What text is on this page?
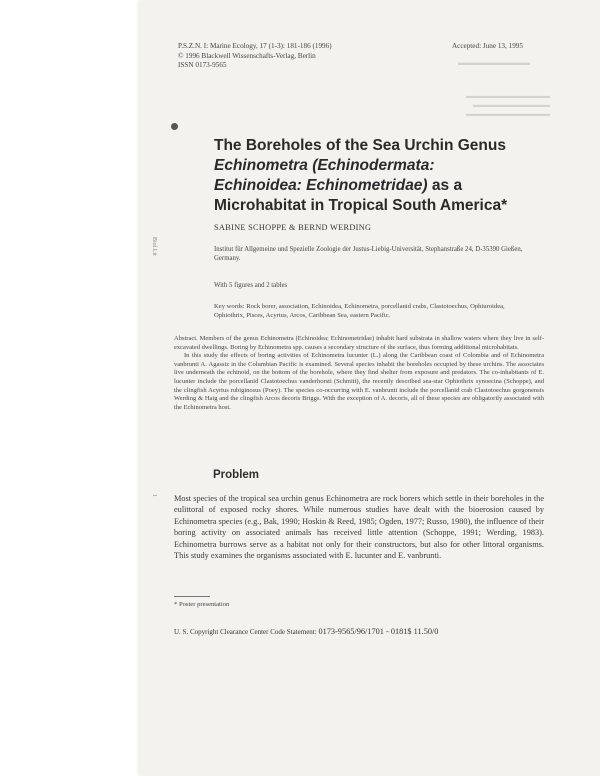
▬▬▬▬▬▬▬▬▬
▬▬▬▬▬▬▬▬▬▬▬▬
▬▬▬▬▬▬▬▬▬▬▬
▬▬▬▬▬▬▬▬▬▬▬▬
P.S.Z.N. I: Marine Ecology, 17 (1-3): 181-186 (1996)
© 1996 Blackwell Wissenschafts-Verlag, Berlin
ISSN 0173-9565
Accepted: June 13, 1995
Biol.Lit
1
The Boreholes of the Sea Urchin Genus
Echinometra (Echinodermata:
Echinoidea: Echinometridae) as a
Microhabitat in Tropical South America*
SABINE SCHOPPE & BERND WERDING
Institut für Allgemeine und Spezielle Zoologie der Justus-Liebig-Universität, Stephanstraße 24, D-35390 Gießen, Germany.
With 5 figures and 2 tables
Key words: Rock borer, association, Echinoidea, Echinometra, porcellanid crabs, Clastotoechus, Ophiuroidea, Ophiothrix, Pisces, Acyrtus, Arcos, Caribbean Sea, eastern Pacific.

Abstract. Members of the genus Echinometra (Echinoidea: Echinometridae) inhabit hard substrata in shallow waters where they live in self-excavated dwellings. Boring by Echinometra spp. causes a secondary structure of the surface, thus forming additional microhabitats.

In this study the effects of boring activities of Echinometra lucunter (L.) along the Caribbean coast of Colombia and of Echinometra vanbrunti A. Agassiz in the Columbian Pacific is examined. Several species inhabit the boreholes occupied by these urchins. The associates live underneath the echinoid, on the bottom of the borehole, where they find shelter from exposure and predators. The co-inhabitants of E. lucunter include the porcellanid Clastotoechus vanderhorsti (Schmitt), the recently described sea-star Ophiothrix synoecina (Schoppe), and the clingfish Acyrtus rubiginosus (Poey). The species co-occurring with E. vanbrunti include the porcellanid crab Clastotoechus gorgonensis Werding & Haig and the clingfish Arcos decoris Briggs. With the exception of A. decoris, all of these species are obligatorily associated with the Echinometra host.

Problem

Most species of the tropical sea urchin genus Echinometra are rock borers which settle in their boreholes in the eulittoral of exposed rocky shores. While numerous studies have dealt with the bioerosion caused by Echinometra species (e.g., Bak, 1990; Hoskin & Reed, 1985; Ogden, 1977; Russo, 1980), the influence of their boring activity on associated animals has received little attention (Schoppe, 1991; Werding, 1983). Echinometra burrows serve as a habitat not only for their constructors, but also for other littoral organisms. This study examines the organisms associated with E. lucunter and E. vanbrunti.

* Poster presentation
U. S. Copyright Clearance Center Code Statement: 0173-9565/96/1701 - 0181$ 11.50/0
